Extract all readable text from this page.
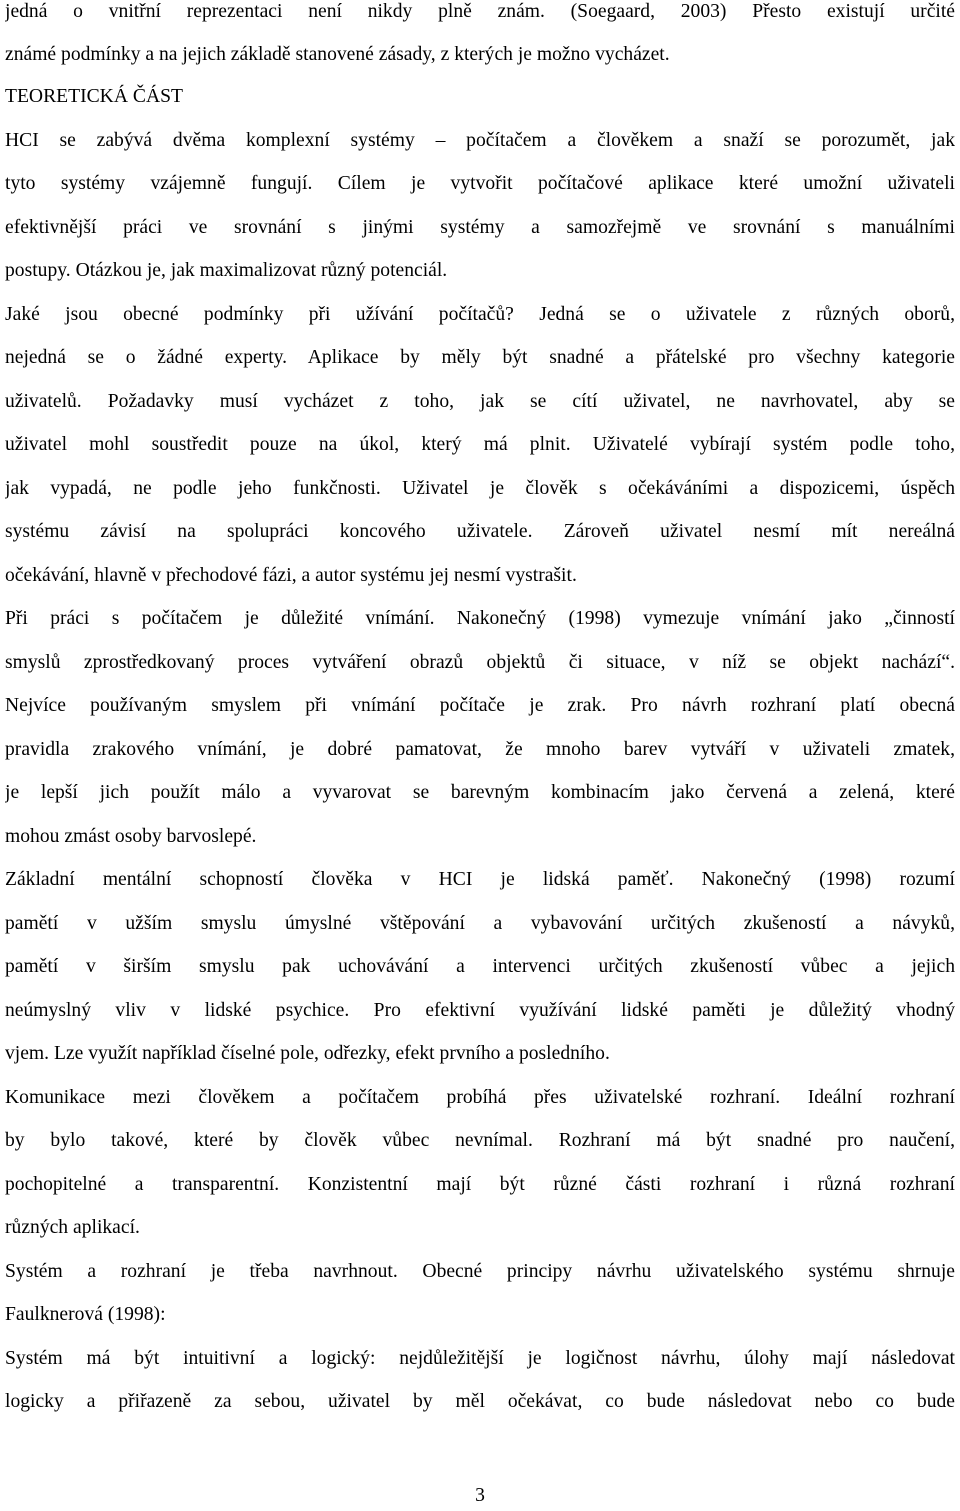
jedná o vnitřní reprezentaci není nikdy plně znám. (Soegaard, 2003) Přesto existují určité
známé podmínky a na jejich základě stanovené zásady, z kterých je možno vycházet.
TEORETICKÁ ČÁST
HCI se zabývá dvěma komplexní systémy – počítačem a člověkem a snaží se porozumět, jak
tyto systémy vzájemně fungují. Cílem je vytvořit počítačové aplikace které umožní uživateli
efektivnější práci ve srovnání s jinými systémy a samozřejmě ve srovnání s manuálními
postupy. Otázkou je, jak maximalizovat různý potenciál.
Jaké jsou obecné podmínky při užívání počítačů? Jedná se o uživatele z různých oborů,
nejedná se o žádné experty. Aplikace by měly být snadné a přátelské pro všechny kategorie
uživatelů. Požadavky musí vycházet z toho, jak se cítí uživatel, ne navrhovatel, aby se
uživatel mohl soustředit pouze na úkol, který má plnit. Uživatelé vybírají systém podle toho,
jak vypadá, ne podle jeho funkčnosti. Uživatel je člověk s očekáváními a dispozicemi, úspěch
systému závisí na spolupráci koncového uživatele. Zároveň uživatel nesmí mít nereálná
očekávání, hlavně v přechodové fázi, a autor systému jej nesmí vystrašit.
Při práci s počítačem je důležité vnímání. Nakonečný (1998) vymezuje vnímání jako „činností
smyslů zprostředkovaný proces vytváření obrazů objektů či situace, v níž se objekt nachází“.
Nejvíce používaným smyslem při vnímání počítače je zrak. Pro návrh rozhraní platí obecná
pravidla zrakového vnímání, je dobré pamatovat, že mnoho barev vytváří v uživateli zmatek,
je lepší jich použít málo a vyvarovat se barevným kombinacím jako červená a zelená, které
mohou zmást osoby barvoslepé.
Základní mentální schopností člověka v HCI je lidská paměť. Nakonečný (1998) rozumí
pamětí v užším smyslu úmyslné vštěpování a vybavování určitých zkušeností a návyků,
pamětí v širším smyslu pak uchovávání a intervenci určitých zkušeností vůbec a jejich
neúmyslný vliv v lidské psychice. Pro efektivní využívání lidské paměti je důležitý vhodný
vjem. Lze využít například číselné pole, odřezky, efekt prvního a posledního.
Komunikace mezi člověkem a počítačem probíhá přes uživatelské rozhraní. Ideální rozhraní
by bylo takové, které by člověk vůbec nevnímal. Rozhraní má být snadné pro naučení,
pochopitelné a transparentní. Konzistentní mají být různé části rozhraní i různá rozhraní
různých aplikací.
Systém a rozhraní je třeba navrhnout. Obecné principy návrhu uživatelského systému shrnuje
Faulknerová (1998):
Systém má být intuitivní a logický: nejdůležitější je logičnost návrhu, úlohy mají následovat
logicky a přiřazeně za sebou, uživatel by měl očekávat, co bude následovat nebo co bude
3
